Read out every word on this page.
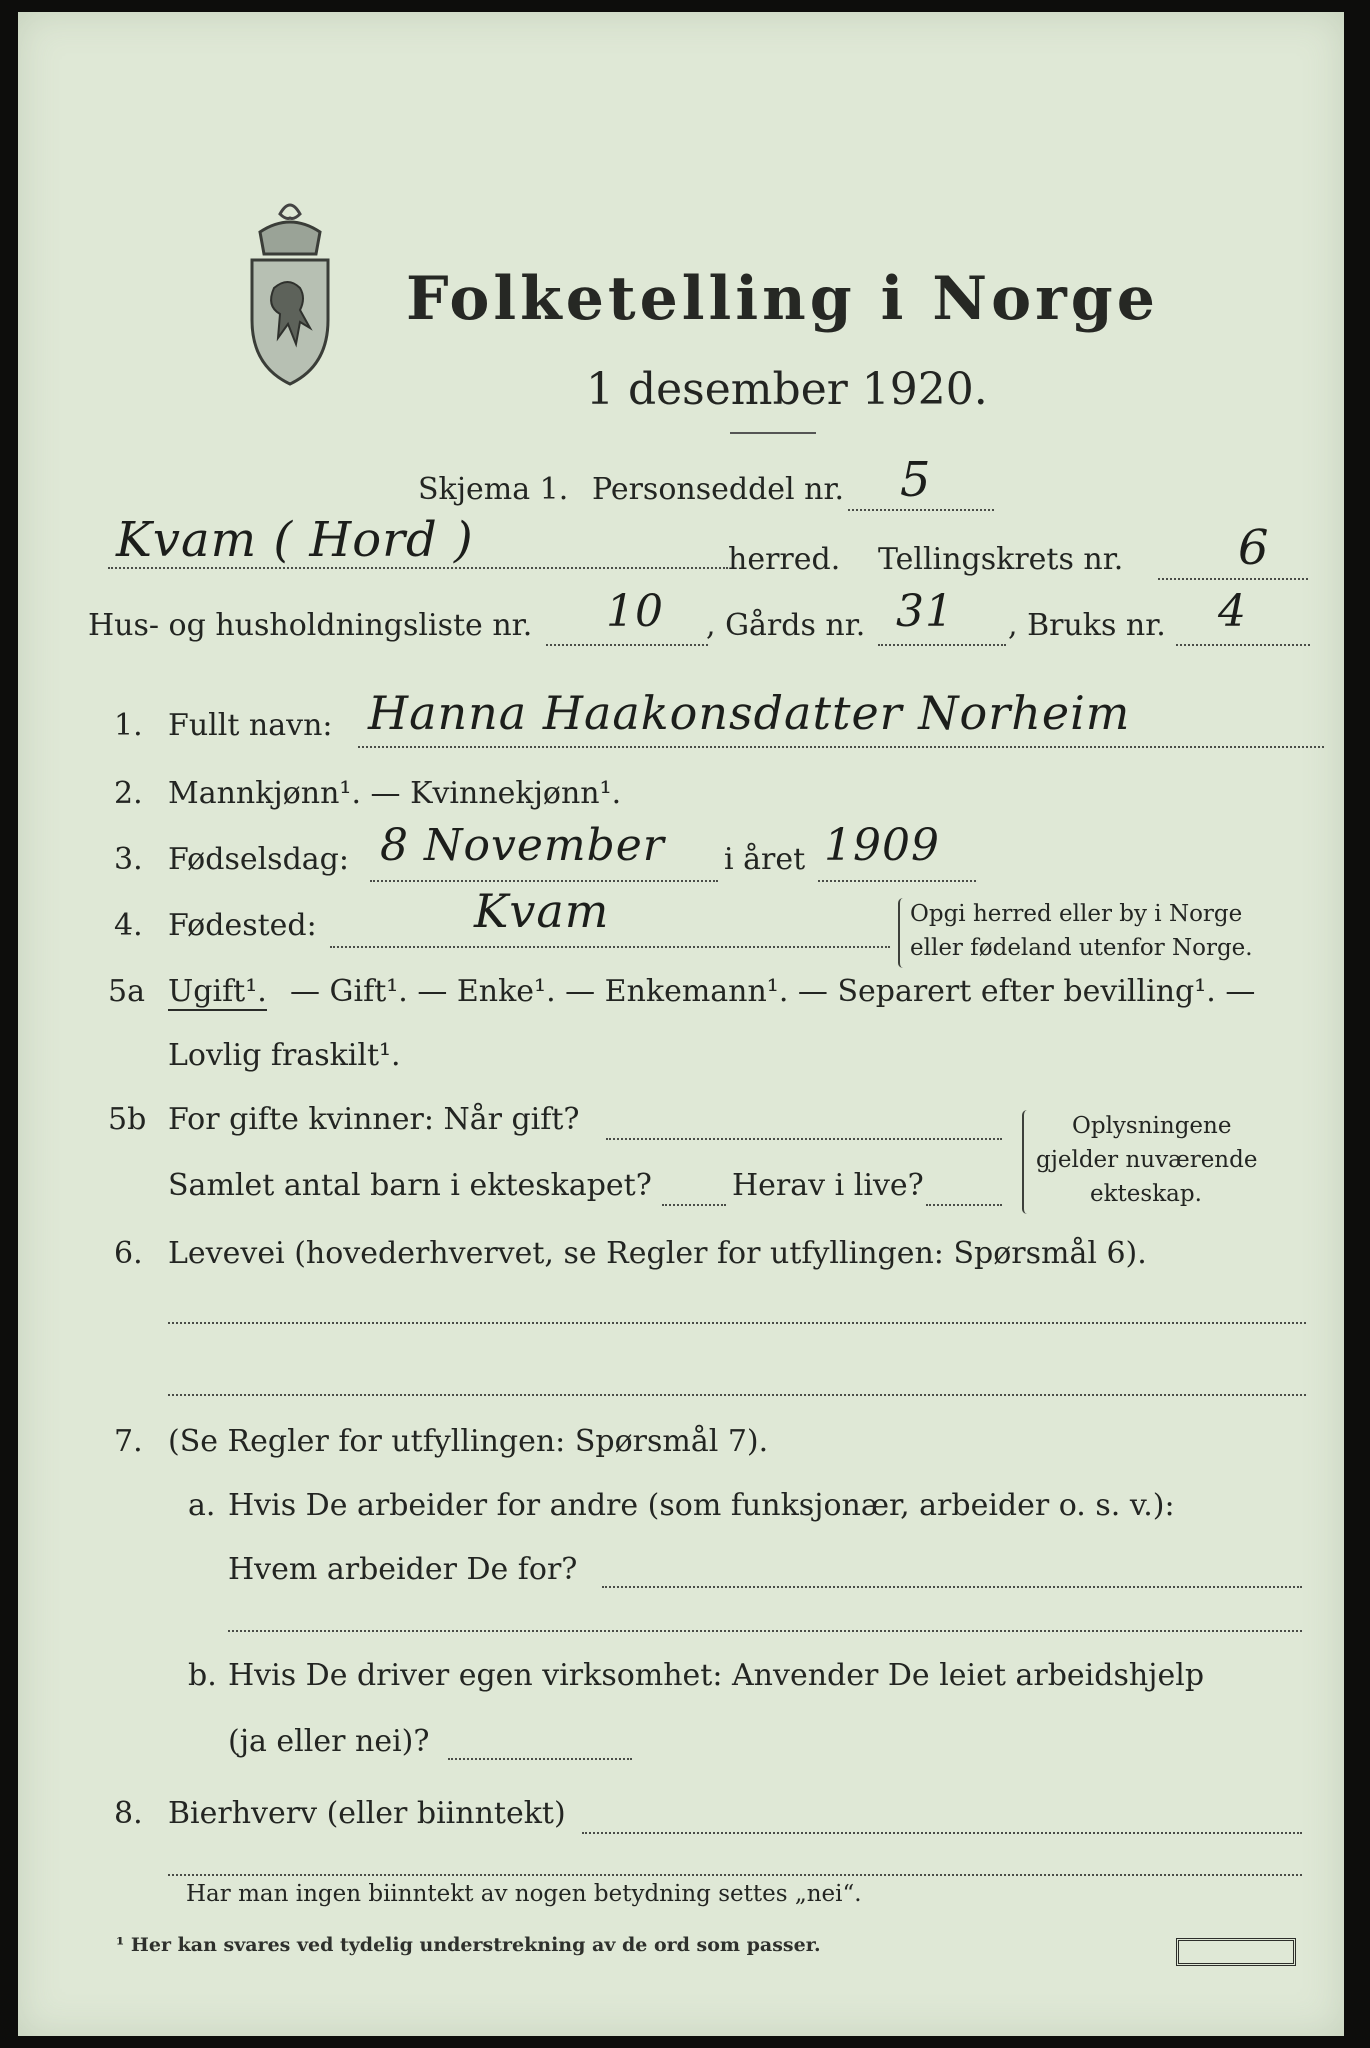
Folketelling i Norge
1 desember 1920.
Skjema 1. Personseddel nr. 5
Kvam ( Hord )	herred. Tellingskrets nr. 6
Hus- og husholdningsliste nr. 10 , Gårds nr. 31 , Bruks nr. 4
1. Fullt navn: Hanna Haakonsdatter Norheim
2. Mannkjønn¹. — Kvinnekjønn¹.
3. Fødselsdag: 8 November i året 1909
4. Fødested:	Kvam	Opgi herred eller by i Norge
eller fødeland utenfor Norge.
5a Ugift¹. — Gift¹. — Enke¹. — Enkemann¹. — Separert efter bevilling¹. —
Lovlig fraskilt¹.
5b For gifte kvinner: Når gift?
Samlet antal barn i ekteskapet?	Herav i live?
Oplysningene
gjelder nuværende
ekteskap.
6. Levevei (hovederhvervet, se Regler for utfyllingen: Spørsmål 6).
7. (Se Regler for utfyllingen: Spørsmål 7).
a. Hvis De arbeider for andre (som funksjonær, arbeider o. s. v.):
Hvem arbeider De for?
b. Hvis De driver egen virksomhet: Anvender De leiet arbeidshjelp
(ja eller nei)?
8. Bierhverv (eller biinntekt)
Har man ingen biinntekt av nogen betydning settes „nei“.
¹ Her kan svares ved tydelig understrekning av de ord som passer.
